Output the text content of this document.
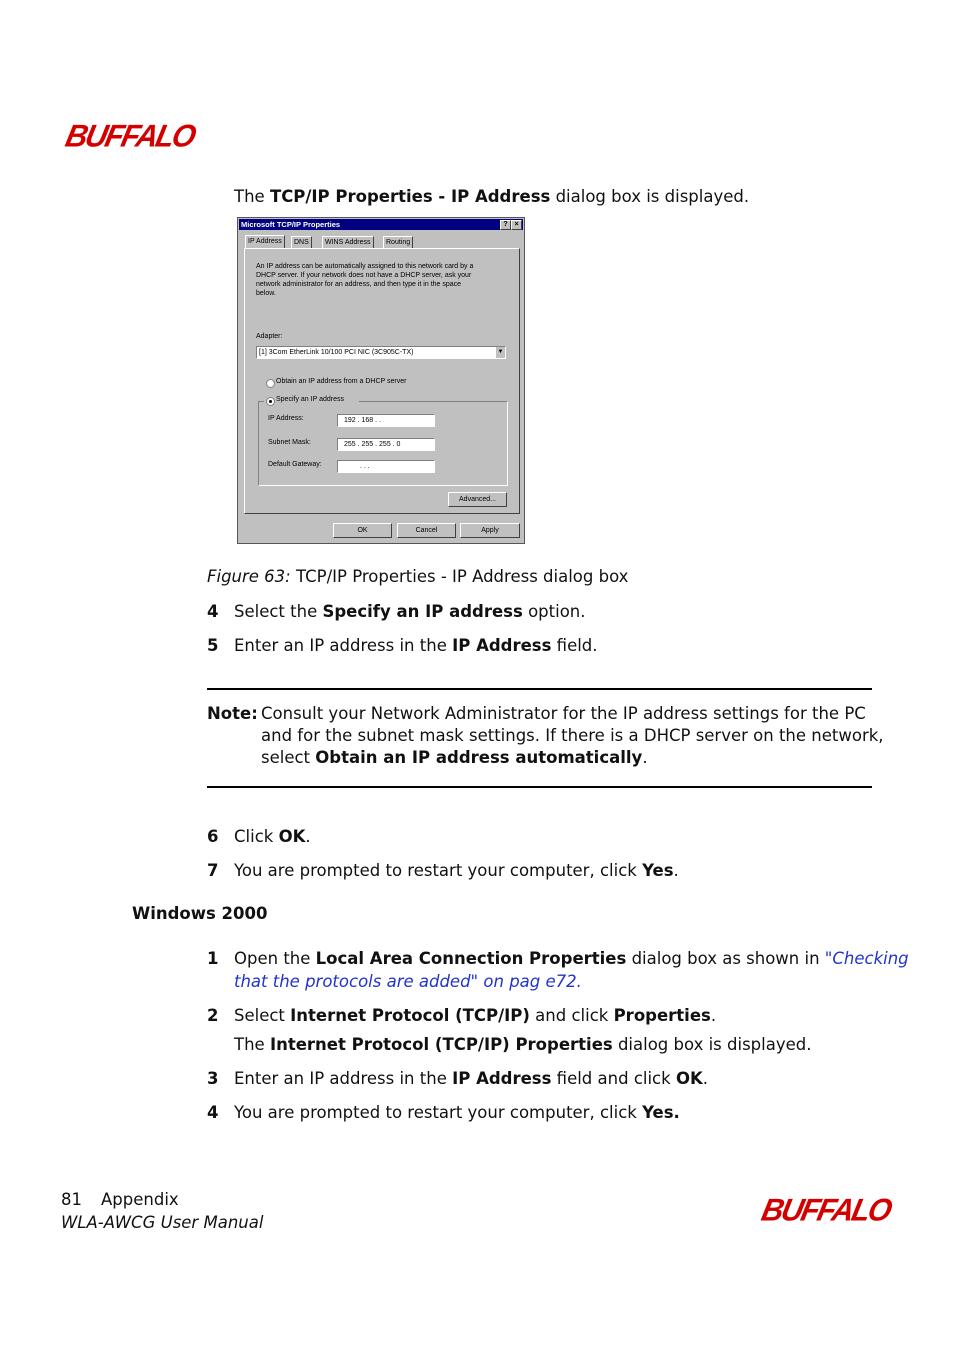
BUFFALO
The TCP/IP Properties - IP Address dialog box is displayed.
Microsoft TCP/IP Properties	? ×
IP Address	DNS	WINS Address	Routing
An IP address can be automatically assigned to this network card by a
DHCP server. If your network does not have a DHCP server, ask your
network administrator for an address, and then type it in the space
below.
Adapter:
[1] 3Com EtherLink 10/100 PCI NIC (3C905C-TX)	▼
Obtain an IP address from a DHCP server
Specify an IP address
IP Address:	192 . 168 . .
Subnet Mask:	255 . 255 . 255 . 0
Default Gateway:	. . .
Advanced...
OK	Cancel	Apply
Figure 63: TCP/IP Properties - IP Address dialog box
4 Select the Specify an IP address option.
5 Enter an IP address in the IP Address field.
Note: Consult your Network Administrator for the IP address settings for the PC
and for the subnet mask settings. If there is a DHCP server on the network,
select Obtain an IP address automatically.
6 Click OK.
7 You are prompted to restart your computer, click Yes.
Windows 2000
1 Open the Local Area Connection Properties dialog box as shown in "Checking
that the protocols are added" on pag e72.
2 Select Internet Protocol (TCP/IP) and click Properties.
The Internet Protocol (TCP/IP) Properties dialog box is displayed.
3 Enter an IP address in the IP Address field and click OK.
4 You are prompted to restart your computer, click Yes.
81 Appendix
WLA-AWCG User Manual	BUFFALO
